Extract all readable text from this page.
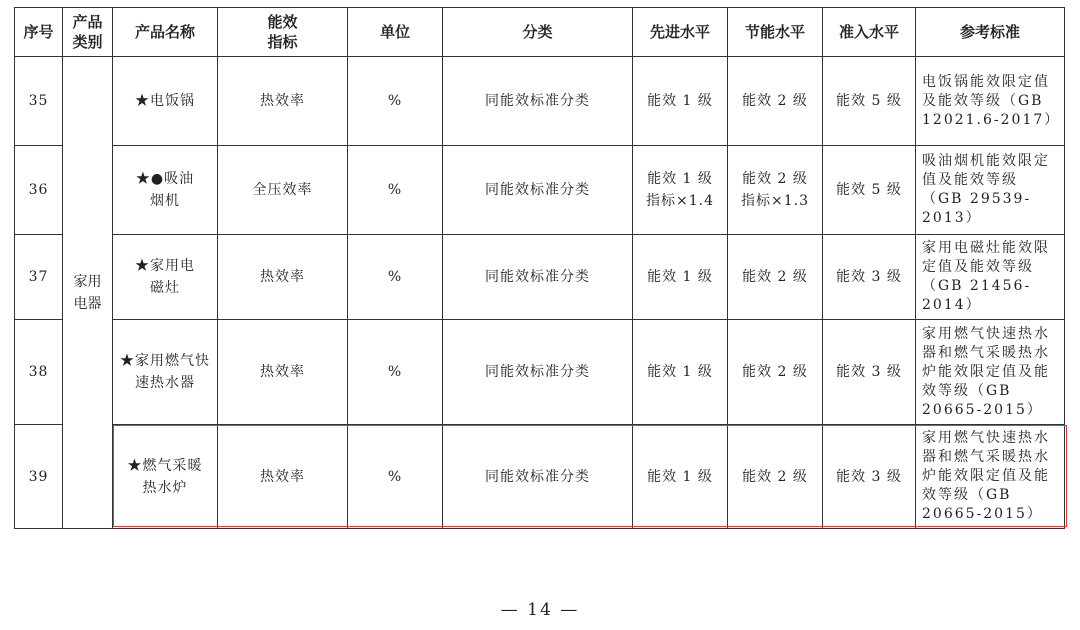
序号	产品类别	产品名称	能效指标	单位	分类	先进水平	节能水平	准入水平	参考标准
35	家用电器	★电饭锅	热效率	%	同能效标准分类	能效 1 级	能效 2 级	能效 5 级	电饭锅能效限定值及能效等级（GB 12021.6-2017）
36		★●吸油烟机	全压效率	%	同能效标准分类	能效 1 级指标×1.4	能效 2 级指标×1.3	能效 5 级	吸油烟机能效限定值及能效等级（GB 29539-2013）
37		★家用电磁灶	热效率	%	同能效标准分类	能效 1 级	能效 2 级	能效 3 级	家用电磁灶能效限定值及能效等级（GB 21456-2014）
38		★家用燃气快速热水器	热效率	%	同能效标准分类	能效 1 级	能效 2 级	能效 3 级	家用燃气快速热水器和燃气采暖热水炉能效限定值及能效等级（GB 20665-2015）
39		★燃气采暖热水炉	热效率	%	同能效标准分类	能效 1 级	能效 2 级	能效 3 级	家用燃气快速热水器和燃气采暖热水炉能效限定值及能效等级（GB 20665-2015）
— 14 —
